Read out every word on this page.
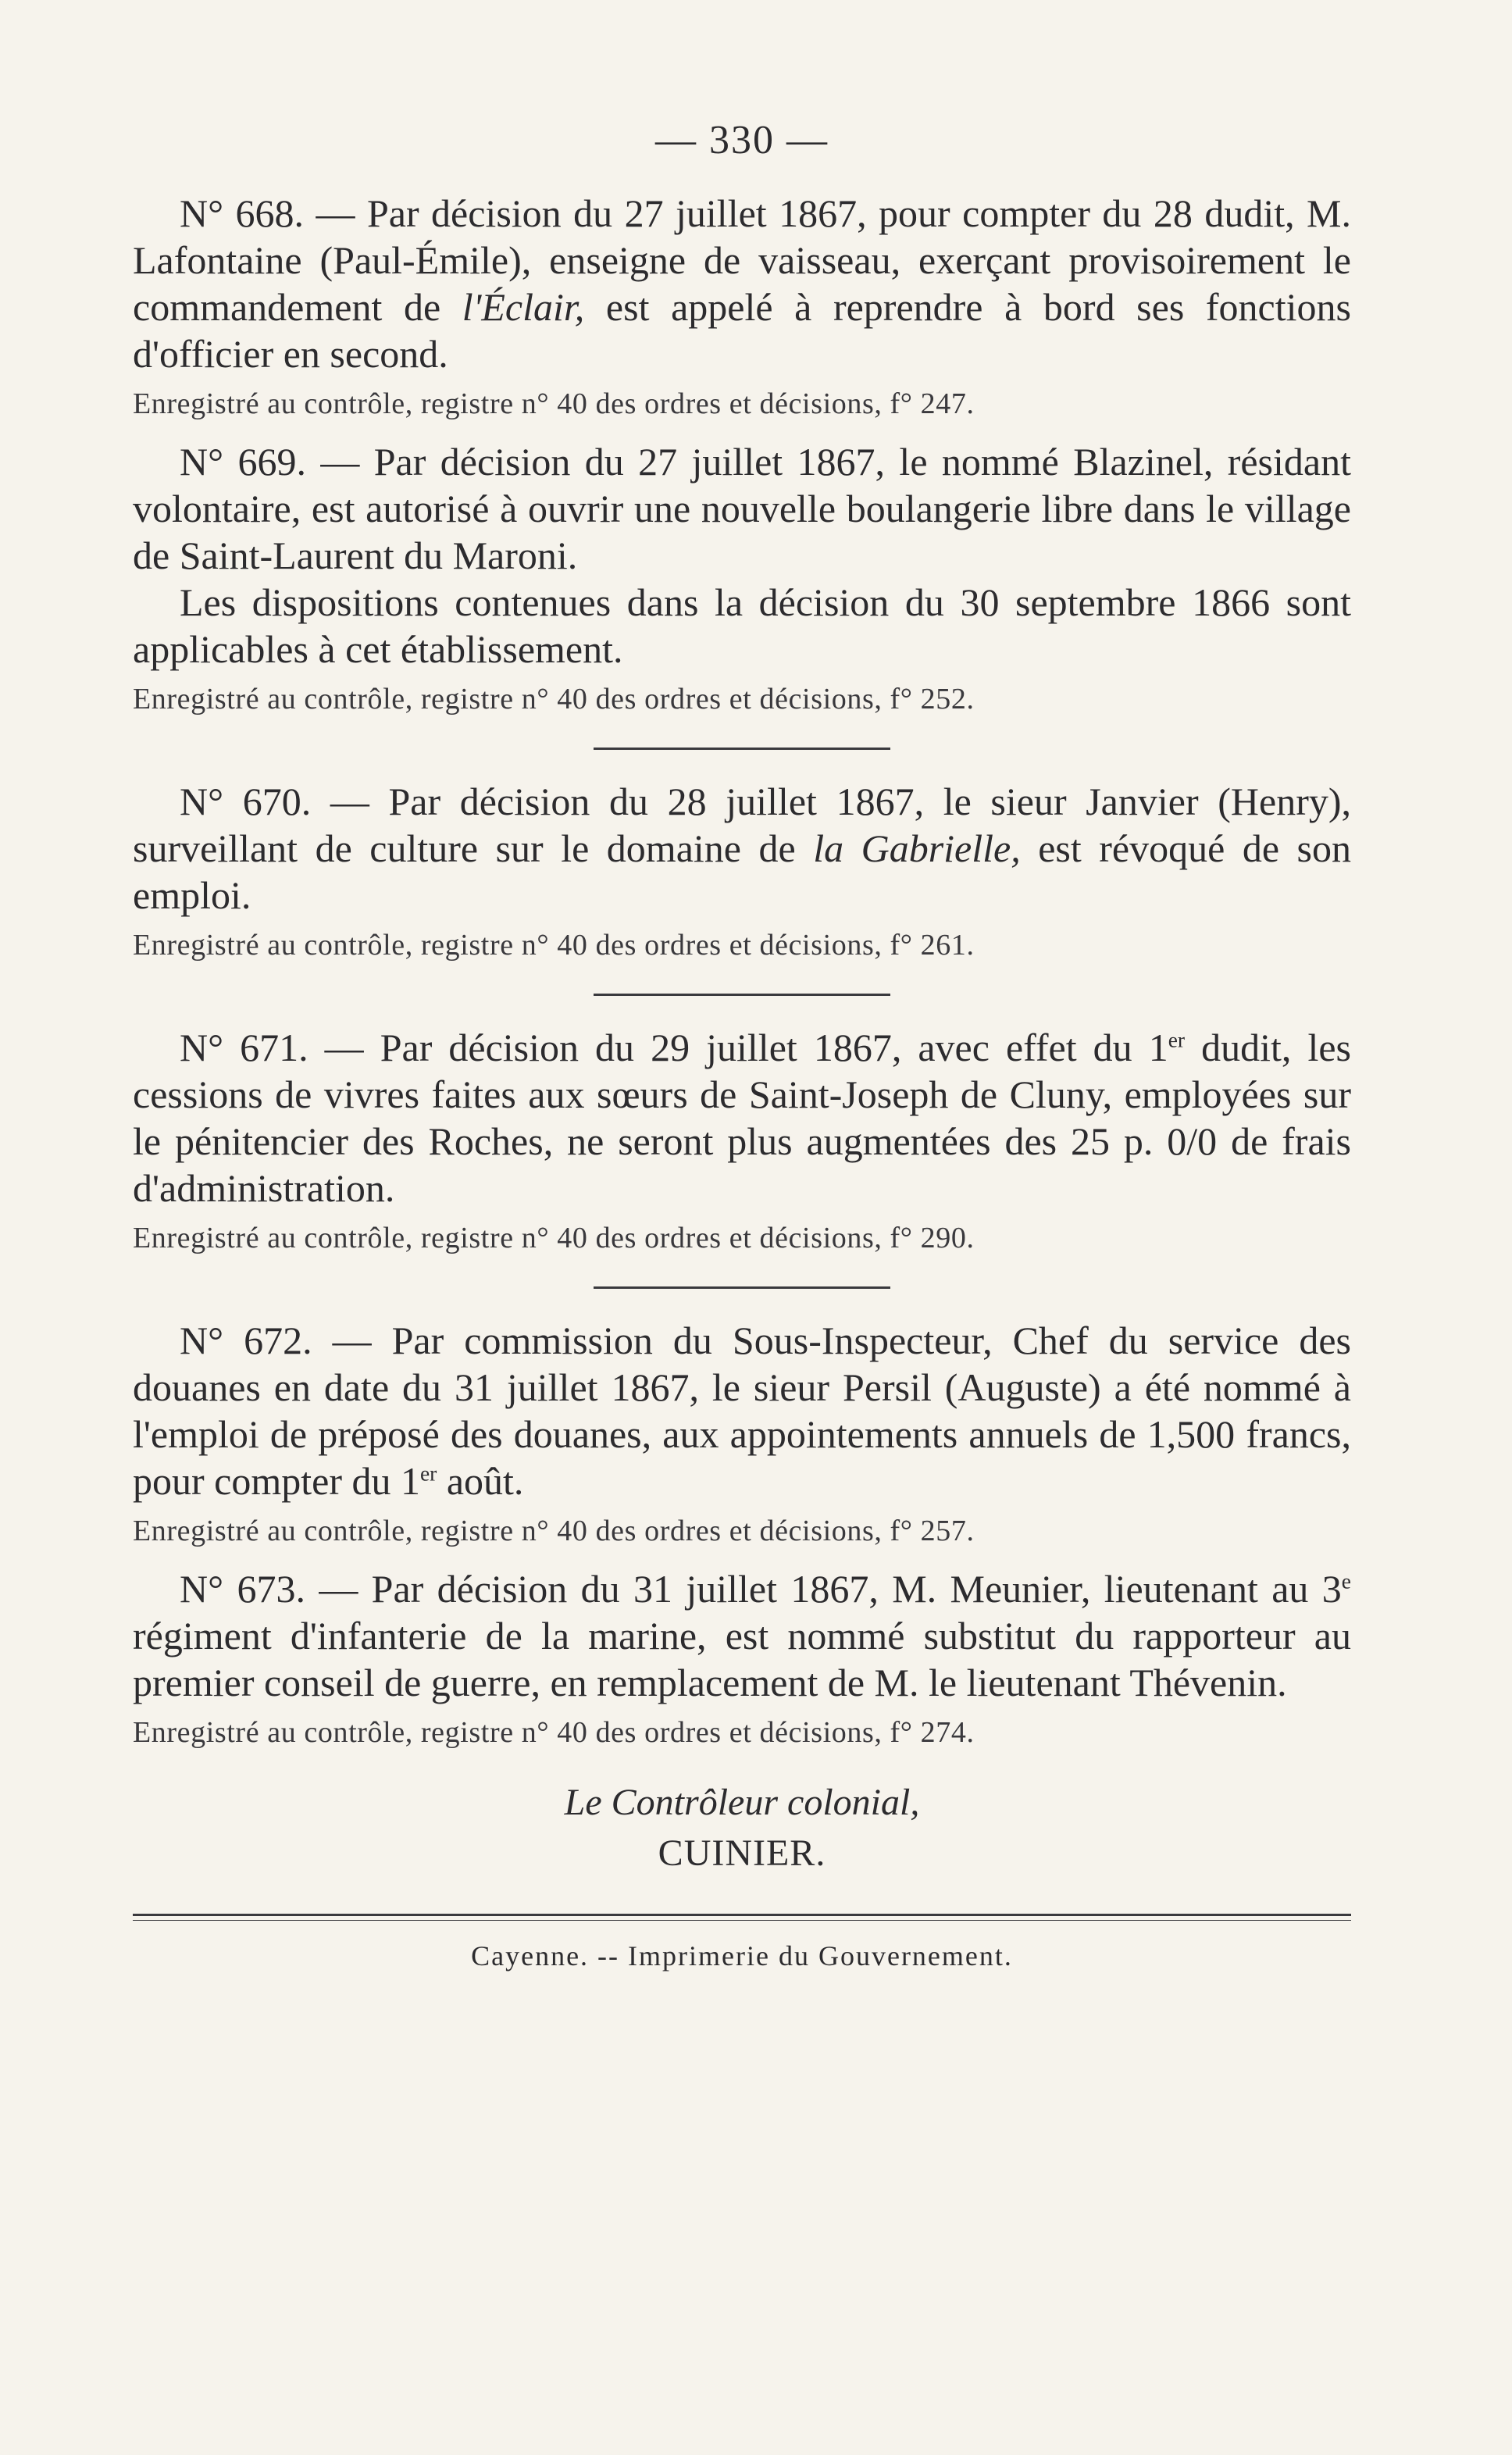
— 330 —

N° 668. — Par décision du 27 juillet 1867, pour compter du 28 dudit, M. Lafontaine (Paul-Émile), enseigne de vaisseau, exerçant provisoirement le commandement de l'Éclair, est appelé à reprendre à bord ses fonctions d'officier en second.

Enregistré au contrôle, registre n° 40 des ordres et décisions, f° 247.

N° 669. — Par décision du 27 juillet 1867, le nommé Blazinel, résidant volontaire, est autorisé à ouvrir une nouvelle boulangerie libre dans le village de Saint-Laurent du Maroni.

Les dispositions contenues dans la décision du 30 septembre 1866 sont applicables à cet établissement.

Enregistré au contrôle, registre n° 40 des ordres et décisions, f° 252.

N° 670. — Par décision du 28 juillet 1867, le sieur Janvier (Henry), surveillant de culture sur le domaine de la Gabrielle, est révoqué de son emploi.

Enregistré au contrôle, registre n° 40 des ordres et décisions, f° 261.

N° 671. — Par décision du 29 juillet 1867, avec effet du 1er dudit, les cessions de vivres faites aux sœurs de Saint-Joseph de Cluny, employées sur le pénitencier des Roches, ne seront plus augmentées des 25 p. 0/0 de frais d'administration.

Enregistré au contrôle, registre n° 40 des ordres et décisions, f° 290.

N° 672. — Par commission du Sous-Inspecteur, Chef du service des douanes en date du 31 juillet 1867, le sieur Persil (Auguste) a été nommé à l'emploi de préposé des douanes, aux appointements annuels de 1,500 francs, pour compter du 1er août.

Enregistré au contrôle, registre n° 40 des ordres et décisions, f° 257.

N° 673. — Par décision du 31 juillet 1867, M. Meunier, lieutenant au 3e régiment d'infanterie de la marine, est nommé substitut du rapporteur au premier conseil de guerre, en remplacement de M. le lieutenant Thévenin.

Enregistré au contrôle, registre n° 40 des ordres et décisions, f° 274.

Le Contrôleur colonial,

CUINIER.

Cayenne. -- Imprimerie du Gouvernement.
